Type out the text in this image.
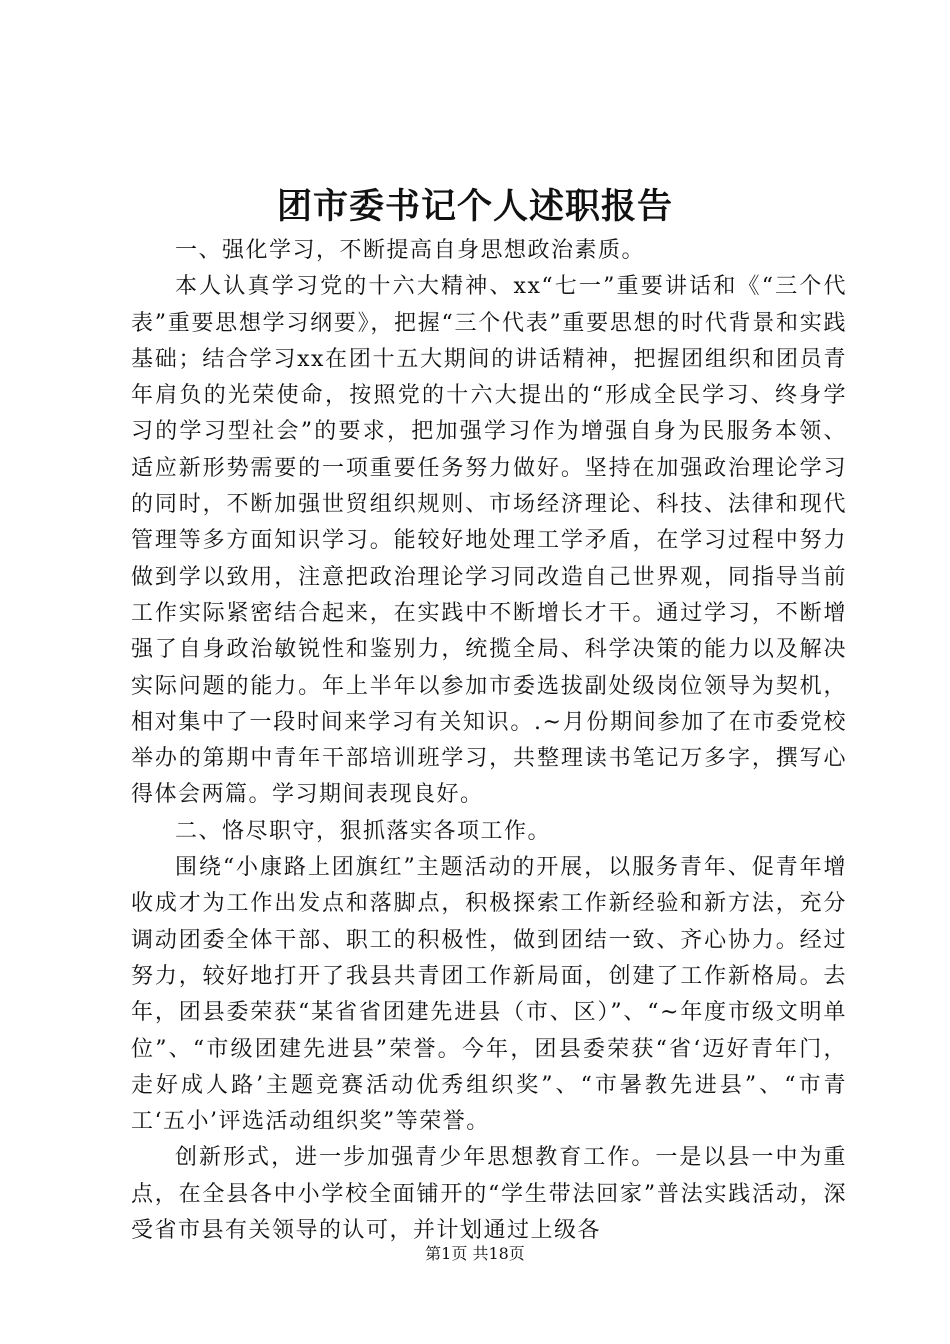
团市委书记个人述职报告

一、强化学习，不断提高自身思想政治素质。

本人认真学习党的十六大精神、xx“七一”重要讲话和《“三个代表”重要思想学习纲要》，把握“三个代表”重要思想的时代背景和实践基础；结合学习xx在团十五大期间的讲话精神，把握团组织和团员青年肩负的光荣使命，按照党的十六大提出的“形成全民学习、终身学习的学习型社会”的要求，把加强学习作为增强自身为民服务本领、适应新形势需要的一项重要任务努力做好。坚持在加强政治理论学习的同时，不断加强世贸组织规则、市场经济理论、科技、法律和现代管理等多方面知识学习。能较好地处理工学矛盾，在学习过程中努力做到学以致用，注意把政治理论学习同改造自己世界观，同指导当前工作实际紧密结合起来，在实践中不断增长才干。通过学习，不断增强了自身政治敏锐性和鉴别力，统揽全局、科学决策的能力以及解决实际问题的能力。年上半年以参加市委选拔副处级岗位领导为契机，相对集中了一段时间来学习有关知识。.~月份期间参加了在市委党校举办的第期中青年干部培训班学习，共整理读书笔记万多字，撰写心得体会两篇。学习期间表现良好。

二、恪尽职守，狠抓落实各项工作。

围绕“小康路上团旗红”主题活动的开展，以服务青年、促青年增收成才为工作出发点和落脚点，积极探索工作新经验和新方法，充分调动团委全体干部、职工的积极性，做到团结一致、齐心协力。经过努力，较好地打开了我县共青团工作新局面，创建了工作新格局。去年，团县委荣获“某省省团建先进县（市、区）”、“~年度市级文明单位”、“市级团建先进县”荣誉。今年，团县委荣获“省‘迈好青年门，走好成人路’主题竞赛活动优秀组织奖”、“市暑教先进县”、“市青工‘五小’评选活动组织奖”等荣誉。

创新形式，进一步加强青少年思想教育工作。一是以县一中为重点，在全县各中小学校全面铺开的“学生带法回家”普法实践活动，深受省市县有关领导的认可，并计划通过上级各

第1页 共18页
